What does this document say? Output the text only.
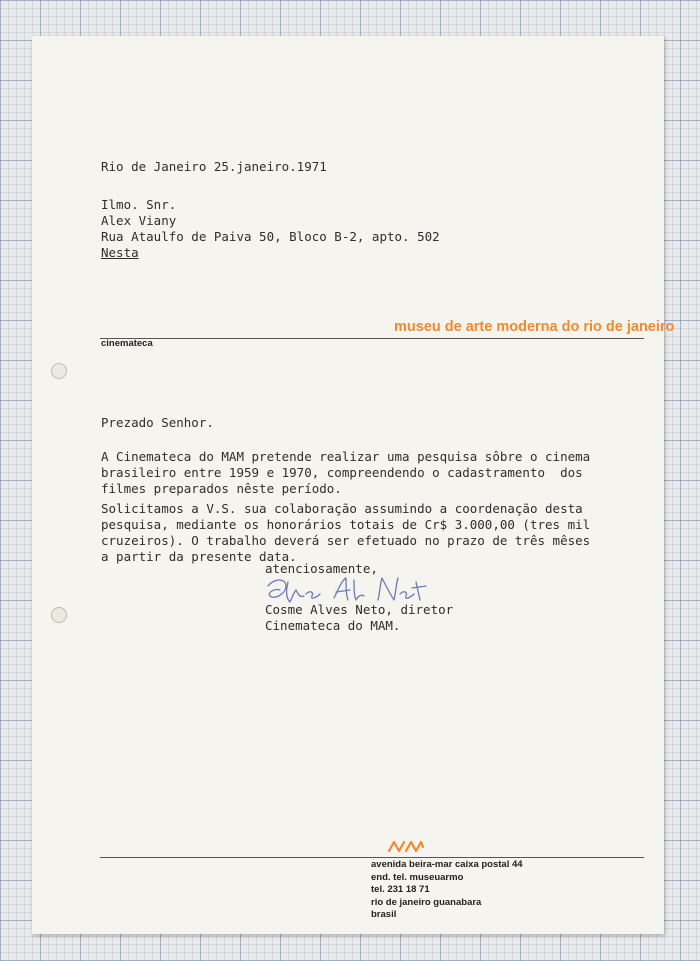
Rio de Janeiro 25.janeiro.1971
Ilmo. Snr.
Alex Viany
Rua Ataulfo de Paiva 50, Bloco B-2, apto. 502
Nesta
museu de arte moderna do rio de janeiro
cinemateca
Prezado Senhor.
A Cinemateca do MAM pretende realizar uma pesquisa sôbre o cinema
brasileiro entre 1959 e 1970, compreendendo o cadastramento  dos
filmes preparados nêste período.
Solicitamos a V.S. sua colaboração assumindo a coordenação desta
pesquisa, mediante os honorários totais de Cr$ 3.000,00 (tres mil
cruzeiros). O trabalho deverá ser efetuado no prazo de três mêses
a partir da presente data.
atenciosamente,
Cosme Alves Neto, diretor
Cinemateca do MAM.
avenida beira-mar caixa postal 44
end. tel. museuarmo
tel. 231 18 71
rio de janeiro guanabara
brasil
